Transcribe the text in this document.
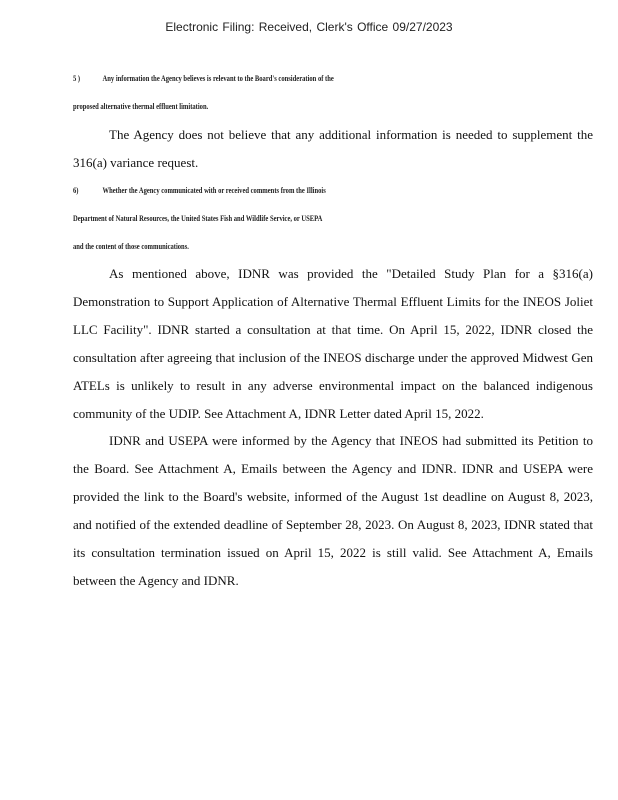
Electronic Filing: Received, Clerk's Office 09/27/2023
5 )	Any information the Agency believes is relevant to the Board's consideration of the
proposed alternative thermal effluent limitation.

The Agency does not believe that any additional information is needed to supplement the 316(a) variance request.

6)	Whether the Agency communicated with or received comments from the Illinois
Department of Natural Resources, the United States Fish and Wildlife Service, or USEPA
and the content of those communications.

As mentioned above, IDNR was provided the "Detailed Study Plan for a §316(a) Demonstration to Support Application of Alternative Thermal Effluent Limits for the INEOS Joliet LLC Facility". IDNR started a consultation at that time. On April 15, 2022, IDNR closed the consultation after agreeing that inclusion of the INEOS discharge under the approved Midwest Gen ATELs is unlikely to result in any adverse environmental impact on the balanced indigenous community of the UDIP. See Attachment A, IDNR Letter dated April 15, 2022.

IDNR and USEPA were informed by the Agency that INEOS had submitted its Petition to the Board. See Attachment A, Emails between the Agency and IDNR. IDNR and USEPA were provided the link to the Board's website, informed of the August 1st deadline on August 8, 2023, and notified of the extended deadline of September 28, 2023. On August 8, 2023, IDNR stated that its consultation termination issued on April 15, 2022 is still valid. See Attachment A, Emails between the Agency and IDNR.
